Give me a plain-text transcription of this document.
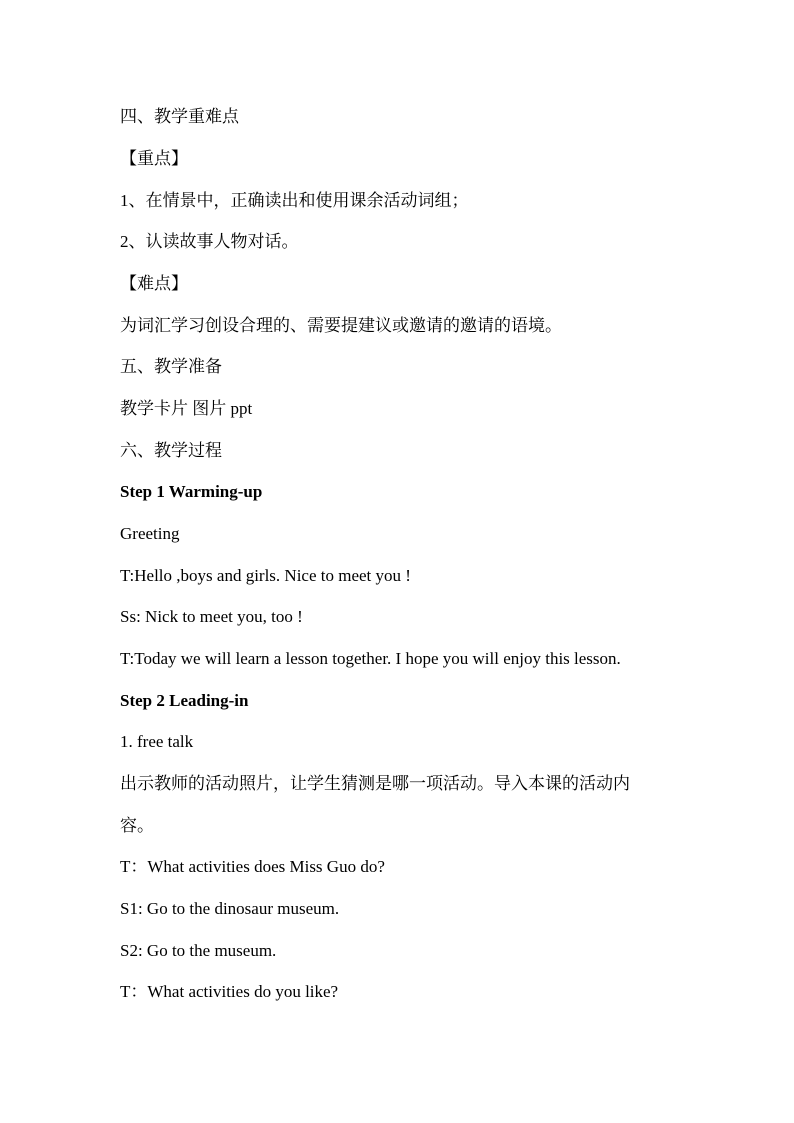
四、教学重难点

【重点】

1、在情景中，正确读出和使用课余活动词组；

2、认读故事人物对话。

【难点】

为词汇学习创设合理的、需要提建议或邀请的邀请的语境。

五、教学准备

教学卡片 图片 ppt

六、教学过程

Step 1 Warming-up

Greeting

T:Hello ,boys and girls. Nice to meet you !

Ss: Nick to meet you, too !

T:Today we will learn a lesson together. I hope you will enjoy this lesson.

Step 2 Leading-in

1. free talk

出示教师的活动照片，让学生猜测是哪一项活动。导入本课的活动内

容。

T：What activities does Miss Guo do?

S1: Go to the dinosaur museum.

S2: Go to the museum.

T：What activities do you like?
